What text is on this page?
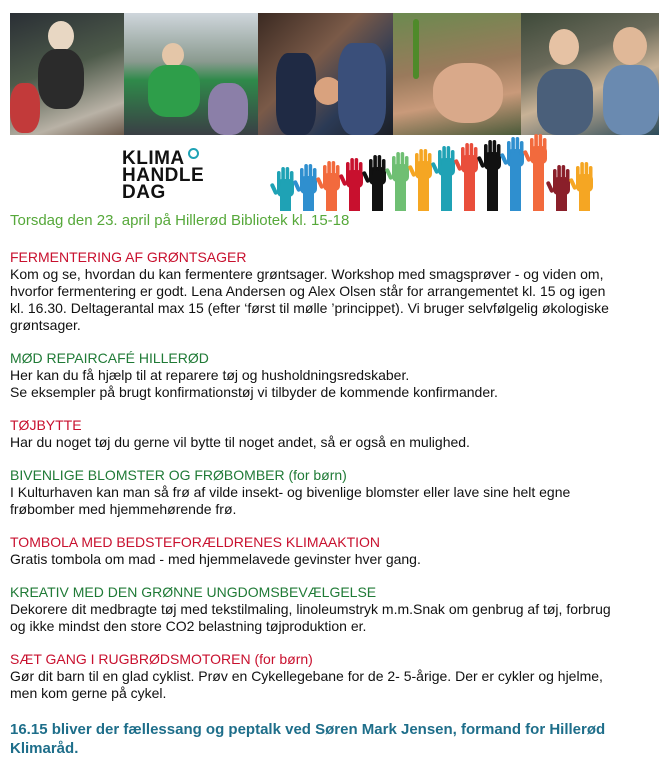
KLIMA
HANDLE
DAG
Torsdag den 23. april på Hillerød Bibliotek kl. 15-18
FERMENTERING AF GRØNTSAGER
Kom og se, hvordan du kan fermentere grøntsager. Workshop med smagsprøver - og viden om,
hvorfor fermentering er godt. Lena Andersen og Alex Olsen står for arrangementet kl. 15 og igen
kl. 16.30. Deltagerantal max 15 (efter ‘først til mølle ’princippet). Vi bruger selvfølgelig økologiske
grøntsager.
MØD REPAIRCAFÉ HILLERØD
Her kan du få hjælp til at reparere tøj og husholdningsredskaber.
Se eksempler på brugt konfirmationstøj vi tilbyder de kommende konfirmander.
TØJBYTTE
Har du noget tøj du gerne vil bytte til noget andet, så er også en mulighed.
BIVENLIGE BLOMSTER OG FRØBOMBER (for børn)
I Kulturhaven kan man så frø af vilde insekt- og bivenlige blomster eller lave sine helt egne
frøbomber med hjemmehørende frø.
TOMBOLA MED BEDSTEFORÆLDRENES KLIMAAKTION
Gratis tombola om mad - med hjemmelavede gevinster hver gang.
KREATIV MED DEN GRØNNE UNGDOMSBEVÆLGELSE
Dekorere dit medbragte tøj med tekstilmaling, linoleumstryk m.m.Snak om genbrug af tøj, forbrug
og ikke mindst den store CO2 belastning tøjproduktion er.
SÆT GANG I RUGBRØDSMOTOREN (for børn)
Gør dit barn til en glad cyklist. Prøv en Cykellegebane for de 2- 5-årige. Der er cykler og hjelme,
men kom gerne på cykel.
16.15 bliver der fællessang og peptalk ved Søren Mark Jensen, formand for Hillerød
Klimaråd.
